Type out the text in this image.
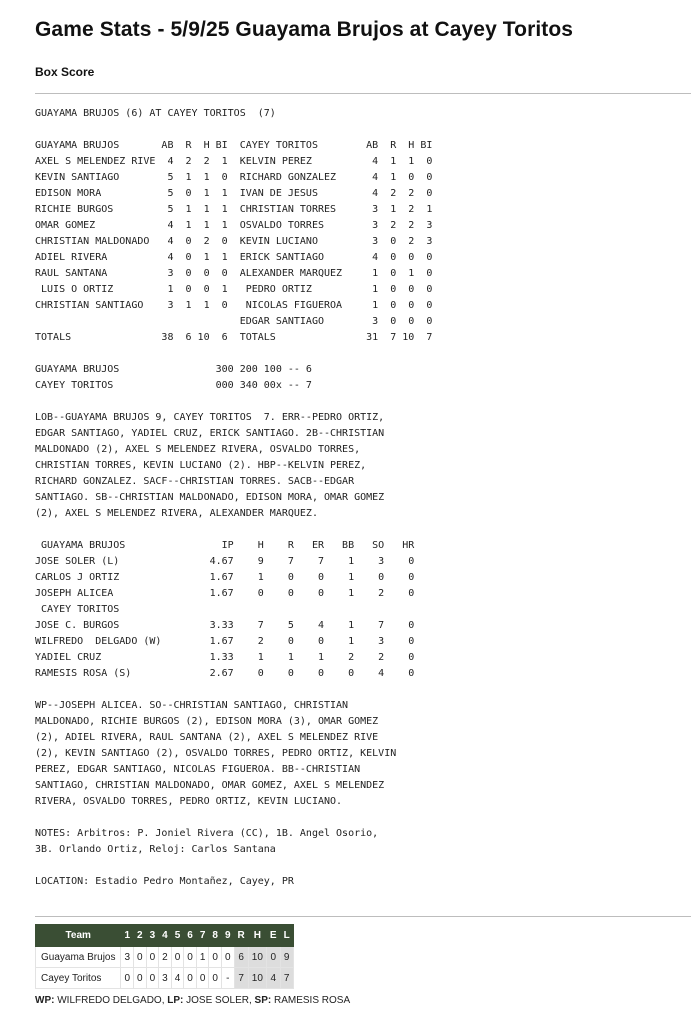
Game Stats - 5/9/25 Guayama Brujos at Cayey Toritos
Box Score
GUAYAMA BRUJOS (6) AT CAYEY TORITOS  (7)
GUAYAMA BRUJOS       AB  R  H BI  CAYEY TORITOS        AB  R  H BI
AXEL S MELENDEZ RIVE  4  2  2  1  KELVIN PEREZ          4  1  1  0
KEVIN SANTIAGO        5  1  1  0  RICHARD GONZALEZ      4  1  0  0
EDISON MORA           5  0  1  1  IVAN DE JESUS         4  2  2  0
RICHIE BURGOS         5  1  1  1  CHRISTIAN TORRES      3  1  2  1
OMAR GOMEZ            4  1  1  1  OSVALDO TORRES        3  2  2  3
CHRISTIAN MALDONADO   4  0  2  0  KEVIN LUCIANO         3  0  2  3
ADIEL RIVERA          4  0  1  1  ERICK SANTIAGO        4  0  0  0
RAUL SANTANA          3  0  0  0  ALEXANDER MARQUEZ     1  0  1  0
LUIS O ORTIZ         1  0  0  1   PEDRO ORTIZ          1  0  0  0
CHRISTIAN SANTIAGO    3  1  1  0   NICOLAS FIGUEROA     1  0  0  0
EDGAR SANTIAGO        3  0  0  0
TOTALS               38  6 10  6  TOTALS               31  7 10  7
GUAYAMA BRUJOS                300 200 100 -- 6
CAYEY TORITOS                 000 340 00x -- 7
LOB--GUAYAMA BRUJOS 9, CAYEY TORITOS  7. ERR--PEDRO ORTIZ,
EDGAR SANTIAGO, YADIEL CRUZ, ERICK SANTIAGO. 2B--CHRISTIAN
MALDONADO (2), AXEL S MELENDEZ RIVERA, OSVALDO TORRES,
CHRISTIAN TORRES, KEVIN LUCIANO (2). HBP--KELVIN PEREZ,
RICHARD GONZALEZ. SACF--CHRISTIAN TORRES. SACB--EDGAR
SANTIAGO. SB--CHRISTIAN MALDONADO, EDISON MORA, OMAR GOMEZ
(2), AXEL S MELENDEZ RIVERA, ALEXANDER MARQUEZ.
GUAYAMA BRUJOS                IP    H    R   ER   BB   SO   HR
JOSE SOLER (L)               4.67    9    7    7    1    3    0
CARLOS J ORTIZ               1.67    1    0    0    1    0    0
JOSEPH ALICEA                1.67    0    0    0    1    2    0
CAYEY TORITOS
JOSE C. BURGOS               3.33    7    5    4    1    7    0
WILFREDO  DELGADO (W)        1.67    2    0    0    1    3    0
YADIEL CRUZ                  1.33    1    1    1    2    2    0
RAMESIS ROSA (S)             2.67    0    0    0    0    4    0
WP--JOSEPH ALICEA. SO--CHRISTIAN SANTIAGO, CHRISTIAN
MALDONADO, RICHIE BURGOS (2), EDISON MORA (3), OMAR GOMEZ
(2), ADIEL RIVERA, RAUL SANTANA (2), AXEL S MELENDEZ RIVE
(2), KEVIN SANTIAGO (2), OSVALDO TORRES, PEDRO ORTIZ, KELVIN
PEREZ, EDGAR SANTIAGO, NICOLAS FIGUEROA. BB--CHRISTIAN
SANTIAGO, CHRISTIAN MALDONADO, OMAR GOMEZ, AXEL S MELENDEZ
RIVERA, OSVALDO TORRES, PEDRO ORTIZ, KEVIN LUCIANO.
NOTES: Arbitros: P. Joniel Rivera (CC), 1B. Angel Osorio,
3B. Orlando Ortiz, Reloj: Carlos Santana
LOCATION: Estadio Pedro Montañez, Cayey, PR
Team	1	2	3	4	5	6	7	8	9	R	H	E	L
Guayama Brujos	3	0	0	2	0	0	1	0	0	6	10	0	9
Cayey Toritos	0	0	0	3	4	0	0	0	-	7	10	4	7

WP: WILFREDO DELGADO, LP: JOSE SOLER, SP: RAMESIS ROSA
